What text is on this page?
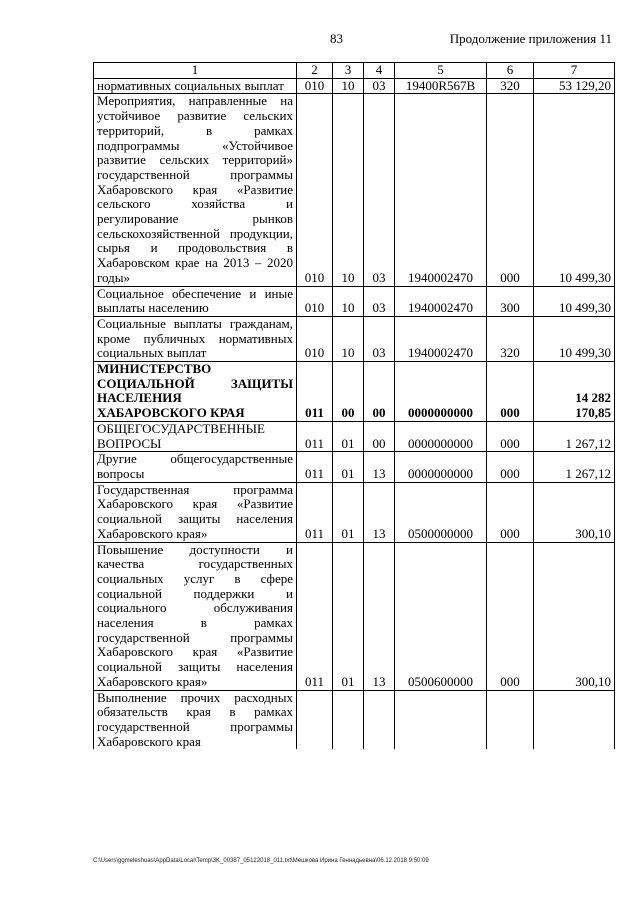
83	Продолжение приложения 11
1	2	3	4	5	6	7
нормативных социальных выплат	010	10	03	19400R567B	320	53 129,20
Мероприятия, направленные на устойчивое развитие сельских территорий, в рамках подпрограммы «Устойчивое развитие сельских территорий» государственной программы Хабаровского края «Развитие сельского хозяйства и регулирование рынков сельскохозяйственной продукции, сырья и продовольствия в Хабаровском крае на 2013 – 2020 годы»	010	10	03	1940002470	000	10 499,30
Социальное обеспечение и иные выплаты населению	010	10	03	1940002470	300	10 499,30
Социальные выплаты гражданам, кроме публичных нормативных социальных выплат	010	10	03	1940002470	320	10 499,30
МИНИСТЕРСТВО СОЦИАЛЬНОЙ ЗАЩИТЫ НАСЕЛЕНИЯ ХАБАРОВСКОГО КРАЯ	011	00	00	0000000000	000	14 282 170,85
ОБЩЕГОСУДАРСТВЕННЫЕ ВОПРОСЫ	011	01	00	0000000000	000	1 267,12
Другие общегосударственные вопросы	011	01	13	0000000000	000	1 267,12
Государственная программа Хабаровского края «Развитие социальной защиты населения Хабаровского края»	011	01	13	0500000000	000	300,10
Повышение доступности и качества государственных социальных услуг в сфере социальной поддержки и социального обслуживания населения в рамках государственной программы Хабаровского края «Развитие социальной защиты населения Хабаровского края»	011	01	13	0500600000	000	300,10
Выполнение прочих расходных обязательств края в рамках государственной программы Хабаровского края						
C:\Users\ggmeleshuas\AppData\Local\Temp\3K_00387_05122018_011.txt\Мешкова Ирина Геннадьевна\06.12.2018 9:50:09
